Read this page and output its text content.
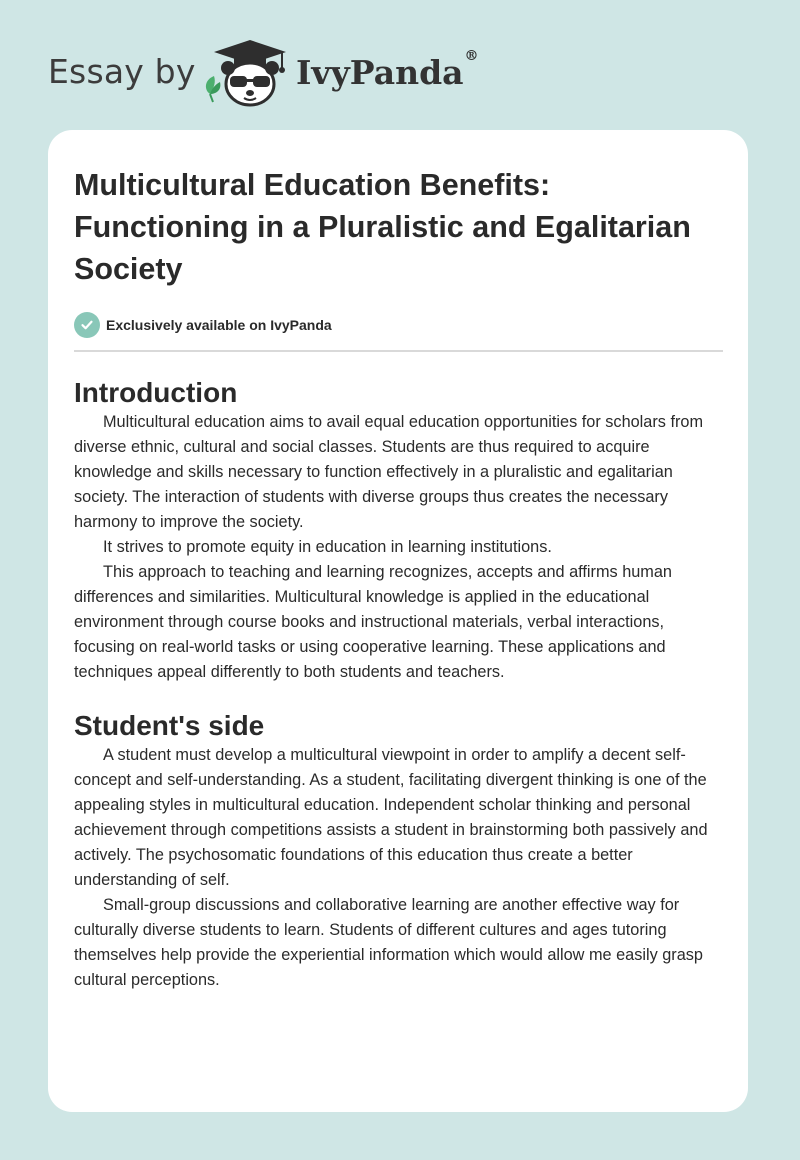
Essay by	IvyPanda®
Multicultural Education Benefits: Functioning in a Pluralistic and Egalitarian Society
Exclusively available on IvyPanda
Introduction

Multicultural education aims to avail equal education opportunities for scholars from diverse ethnic, cultural and social classes. Students are thus required to acquire knowledge and skills necessary to function effectively in a pluralistic and egalitarian society. The interaction of students with diverse groups thus creates the necessary harmony to improve the society.

It strives to promote equity in education in learning institutions.

This approach to teaching and learning recognizes, accepts and affirms human differences and similarities. Multicultural knowledge is applied in the educational environment through course books and instructional materials, verbal interactions, focusing on real-world tasks or using cooperative learning. These applications and techniques appeal differently to both students and teachers.

Student's side

A student must develop a multicultural viewpoint in order to amplify a decent self-concept and self-understanding. As a student, facilitating divergent thinking is one of the appealing styles in multicultural education. Independent scholar thinking and personal achievement through competitions assists a student in brainstorming both passively and actively. The psychosomatic foundations of this education thus create a better understanding of self.

Small-group discussions and collaborative learning are another effective way for culturally diverse students to learn. Students of different cultures and ages tutoring themselves help provide the experiential information which would allow me easily grasp cultural perceptions.
